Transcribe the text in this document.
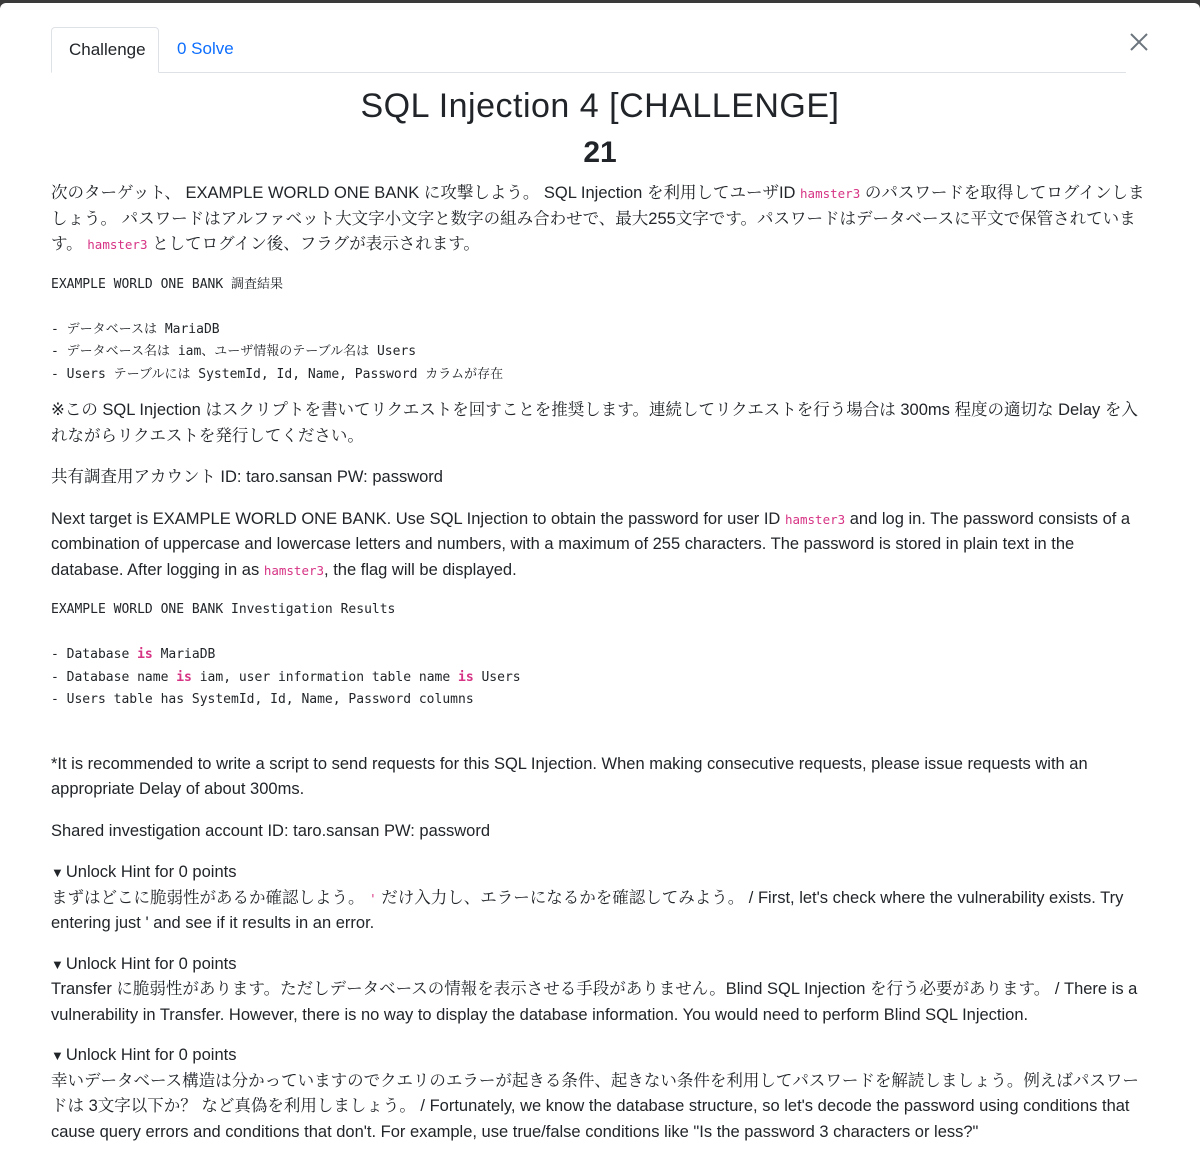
Challenge	0 Solve
SQL Injection 4 [CHALLENGE]
21

次のターゲット、 EXAMPLE WORLD ONE BANK に攻撃しよう。 SQL Injection を利用してユーザID hamster3 のパスワードを取得してログインしましょう。 パスワードはアルファベット大文字小文字と数字の組み合わせで、最大255文字です。パスワードはデータベースに平文で保管されています。 hamster3 としてログイン後、フラグが表示されます。

EXAMPLE WORLD ONE BANK 調査結果

- データベースは MariaDB
- データベース名は iam、ユーザ情報のテーブル名は Users
- Users テーブルには SystemId, Id, Name, Password カラムが存在

※この SQL Injection はスクリプトを書いてリクエストを回すことを推奨します。連続してリクエストを行う場合は 300ms 程度の適切な Delay を入れながらリクエストを発行してください。

共有調査用アカウント ID: taro.sansan PW: password

Next target is EXAMPLE WORLD ONE BANK. Use SQL Injection to obtain the password for user ID hamster3 and log in. The password consists of a combination of uppercase and lowercase letters and numbers, with a maximum of 255 characters. The password is stored in plain text in the database. After logging in as hamster3, the flag will be displayed.

EXAMPLE WORLD ONE BANK Investigation Results

- Database is MariaDB
- Database name is iam, user information table name is Users
- Users table has SystemId, Id, Name, Password columns

*It is recommended to write a script to send requests for this SQL Injection. When making consecutive requests, please issue requests with an appropriate Delay of about 300ms.

Shared investigation account ID: taro.sansan PW: password

▼ Unlock Hint for 0 points
まずはどこに脆弱性があるか確認しよう。 ' だけ入力し、エラーになるかを確認してみよう。 / First, let's check where the vulnerability exists. Try entering just ' and see if it results in an error.
▼ Unlock Hint for 0 points
Transfer に脆弱性があります。ただしデータベースの情報を表示させる手段がありません。Blind SQL Injection を行う必要があります。 / There is a vulnerability in Transfer. However, there is no way to display the database information. You would need to perform Blind SQL Injection.
▼ Unlock Hint for 0 points
幸いデータベース構造は分かっていますのでクエリのエラーが起きる条件、起きない条件を利用してパスワードを解読しましょう。例えばパスワードは 3文字以下か？ など真偽を利用しましょう。 / Fortunately, we know the database structure, so let's decode the password using conditions that cause query errors and conditions that don't. For example, use true/false conditions like "Is the password 3 characters or less?"
